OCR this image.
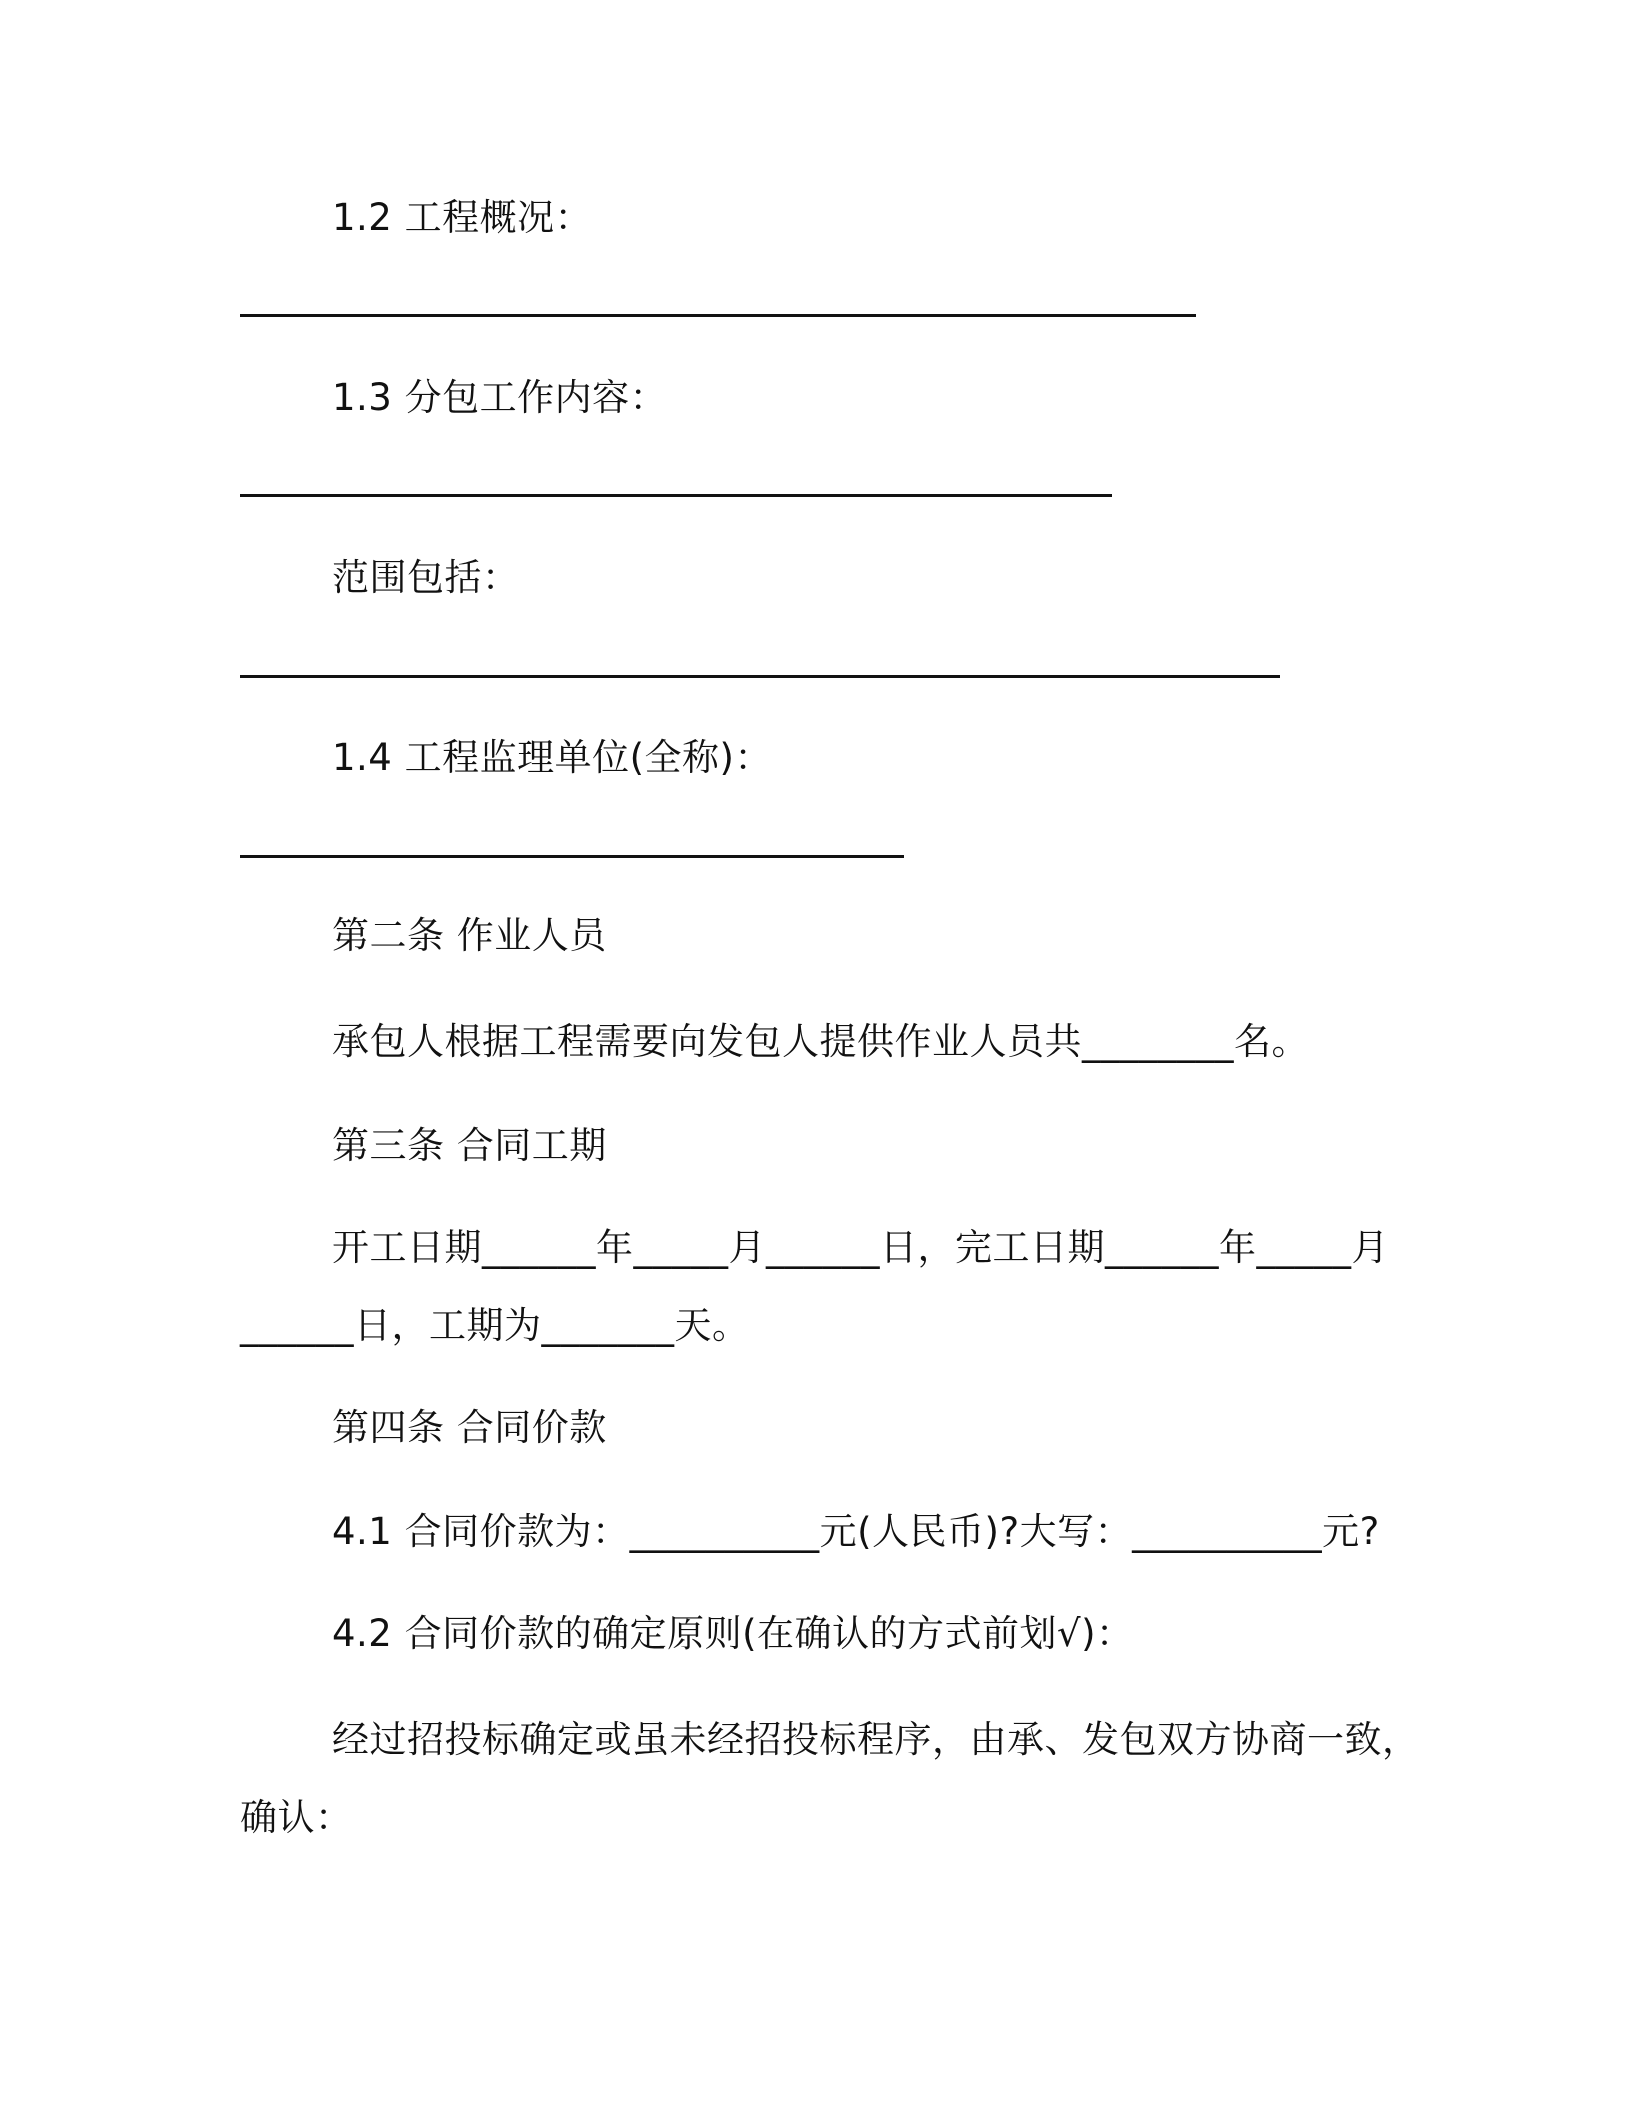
1.2 工程概况：
1.3 分包工作内容：
范围包括：
1.4 工程监理单位(全称)：
第二条 作业人员
承包人根据工程需要向发包人提供作业人员共________名。
第三条 合同工期
开工日期______年_____月______日，完工日期______年_____月
______日，工期为_______天。
第四条 合同价款
4.1 合同价款为：__________元(人民币)?大写：__________元?
4.2 合同价款的确定原则(在确认的方式前划√)：
经过招投标确定或虽未经招投标程序，由承、发包双方协商一致，
确认：
